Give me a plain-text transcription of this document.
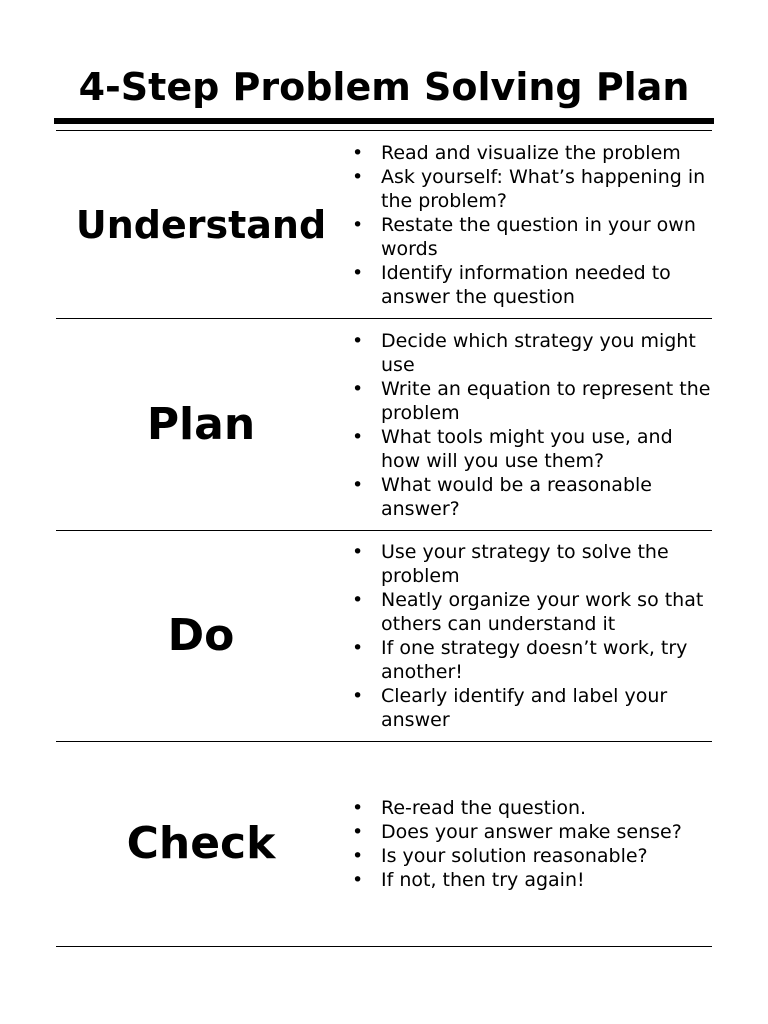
4-Step Problem Solving Plan
Understand
• Read and visualize the problem
• Ask yourself: What’s happening in the problem?
• Restate the question in your own words
• Identify information needed to answer the question
Plan
• Decide which strategy you might use
• Write an equation to represent the problem
• What tools might you use, and how will you use them?
• What would be a reasonable answer?
Do
• Use your strategy to solve the problem
• Neatly organize your work so that others can understand it
• If one strategy doesn’t work, try another!
• Clearly identify and label your answer
Check
• Re-read the question.
• Does your answer make sense?
• Is your solution reasonable?
• If not, then try again!
